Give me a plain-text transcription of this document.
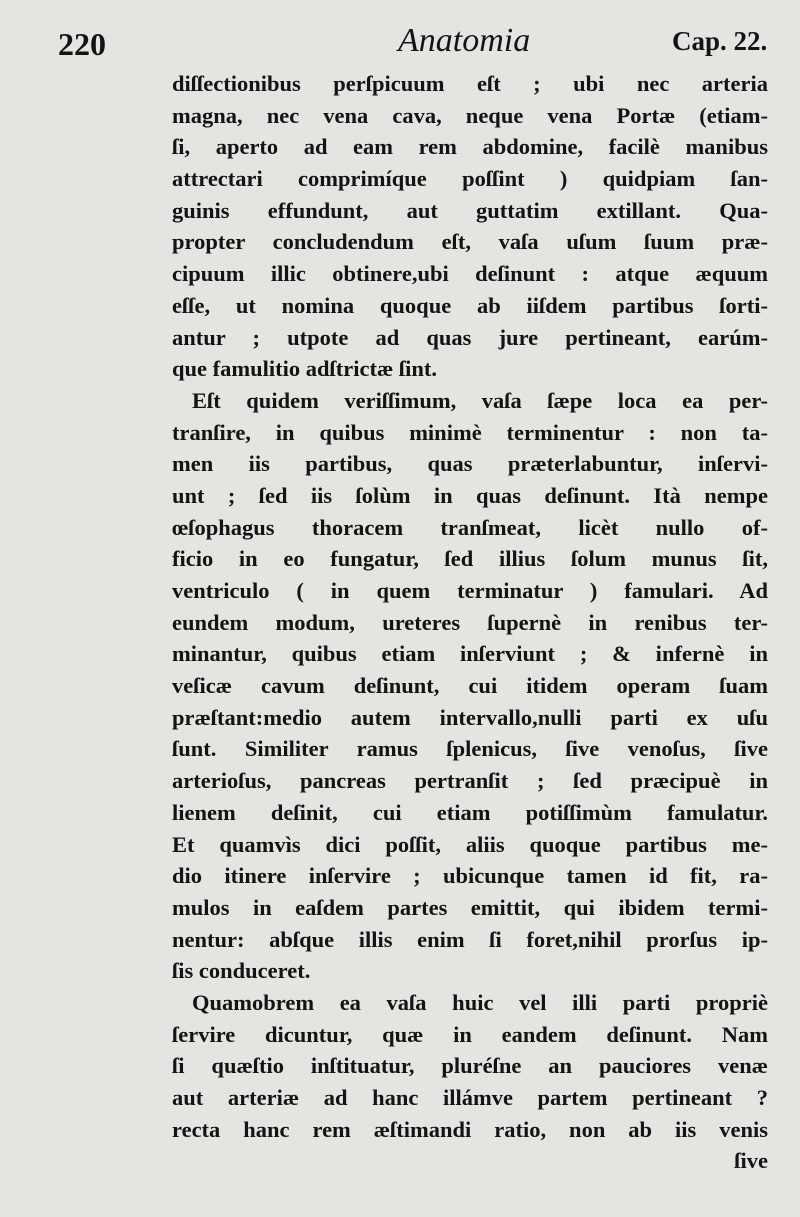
220	Anatomia	Cap. 22.
diſſectionibus perſpicuum eſt ; ubi nec arteria
magna, nec vena cava, neque vena Portæ (etiam-
ſi, aperto ad eam rem abdomine, facilè manibus
attrectari comprimíque poſſint ) quidpiam ſan-
guinis effundunt, aut guttatim extillant. Qua-
propter concludendum eſt, vaſa uſum ſuum præ-
cipuum illic obtinere,ubi deſinunt : atque æquum
eſſe, ut nomina quoque ab iiſdem partibus ſorti-
antur ; utpote ad quas jure pertineant, earúm-
que famulitio adſtrictæ ſint.
Eſt quidem veriſſimum, vaſa ſæpe loca ea per-
tranſire, in quibus minimè terminentur : non ta-
men iis partibus, quas præterlabuntur, inſervi-
unt ; ſed iis ſolùm in quas deſinunt. Ità nempe
œſophagus thoracem tranſmeat, licèt nullo of-
ficio in eo fungatur, ſed illius ſolum munus ſit,
ventriculo ( in quem terminatur ) famulari. Ad
eundem modum, ureteres ſupernè in renibus ter-
minantur, quibus etiam inſerviunt ; & infernè in
veſicæ cavum deſinunt, cui itidem operam ſuam
præſtant:medio autem intervallo,nulli parti ex uſu
ſunt. Similiter ramus ſplenicus, ſive venoſus, ſive
arterioſus, pancreas pertranſit ; ſed præcipuè in
lienem deſinit, cui etiam potiſſimùm famulatur.
Et quamvìs dici poſſit, aliis quoque partibus me-
dio itinere inſervire ; ubicunque tamen id fit, ra-
mulos in eaſdem partes emittit, qui ibidem termi-
nentur: abſque illis enim ſi foret,nihil prorſus ip-
ſis conduceret.
Quamobrem ea vaſa huic vel illi parti propriè
ſervire dicuntur, quæ in eandem deſinunt. Nam
ſi quæſtio inſtituatur, pluréſne an pauciores venæ
aut arteriæ ad hanc illámve partem pertineant ?
recta hanc rem æſtimandi ratio, non ab iis venis
ſive
